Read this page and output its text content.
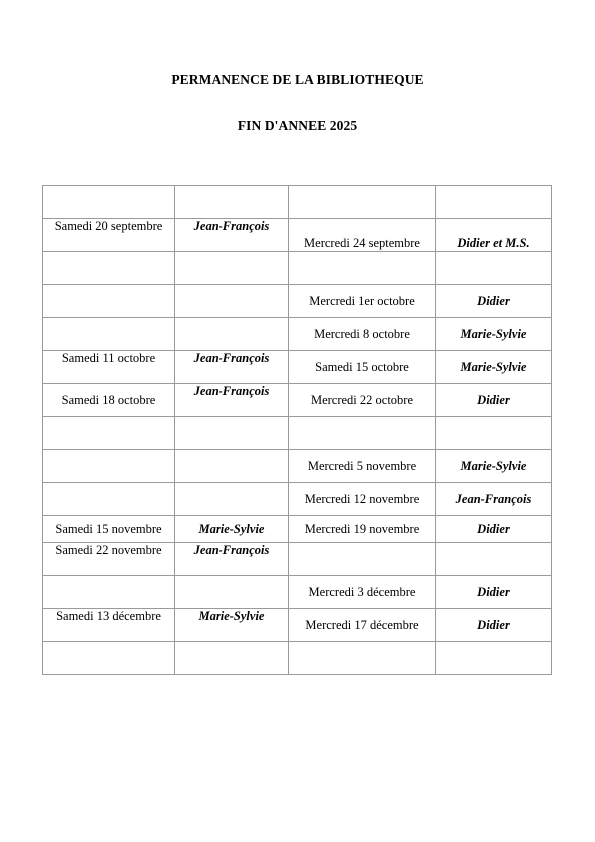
PERMANENCE DE LA BIBLIOTHEQUE
FIN D'ANNEE 2025

Samedi 20 septembre	Jean-François	Mercredi 24 septembre	Didier et M.S.

		Mercredi 1er octobre	Didier
		Mercredi 8 octobre	Marie-Sylvie
Samedi 11 octobre	Jean-François	Samedi 15 octobre	Marie-Sylvie
Samedi 18 octobre	Jean-François	Mercredi 22 octobre	Didier

		Mercredi 5 novembre	Marie-Sylvie
		Mercredi 12 novembre	Jean-François
Samedi 15 novembre	Marie-Sylvie	Mercredi 19 novembre	Didier
Samedi 22 novembre	Jean-François		
		Mercredi 3 décembre	Didier
Samedi 13 décembre	Marie-Sylvie	Mercredi 17 décembre	Didier
